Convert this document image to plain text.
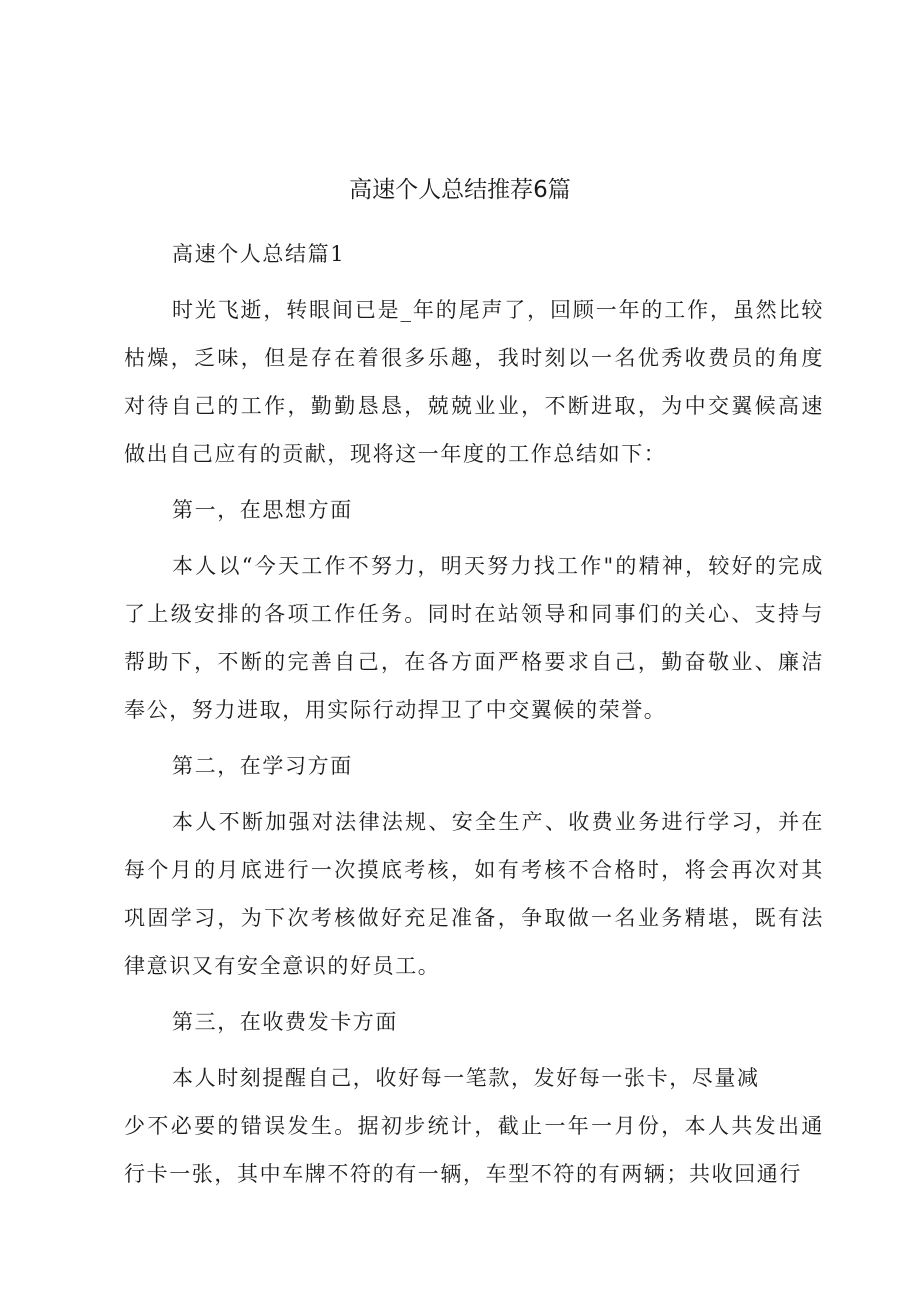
高速个人总结推荐6篇

高速个人总结篇1

时光飞逝，转眼间已是_年的尾声了，回顾一年的工作，虽然比较枯燥，乏味，但是存在着很多乐趣，我时刻以一名优秀收费员的角度对待自己的工作，勤勤恳恳，兢兢业业，不断进取，为中交翼候高速做出自己应有的贡献，现将这一年度的工作总结如下：

第一，在思想方面

本人以“今天工作不努力，明天努力找工作"的精神，较好的完成了上级安排的各项工作任务。同时在站领导和同事们的关心、支持与帮助下，不断的完善自己，在各方面严格要求自己，勤奋敬业、廉洁奉公，努力进取，用实际行动捍卫了中交翼候的荣誉。

第二，在学习方面

本人不断加强对法律法规、安全生产、收费业务进行学习，并在每个月的月底进行一次摸底考核，如有考核不合格时，将会再次对其巩固学习，为下次考核做好充足准备，争取做一名业务精堪，既有法律意识又有安全意识的好员工。

第三，在收费发卡方面

本人时刻提醒自己，收好每一笔款，发好每一张卡，尽量减

少不必要的错误发生。据初步统计，截止一年一月份，本人共发出通行卡一张，其中车牌不符的有一辆，车型不符的有两辆；共收回通行
